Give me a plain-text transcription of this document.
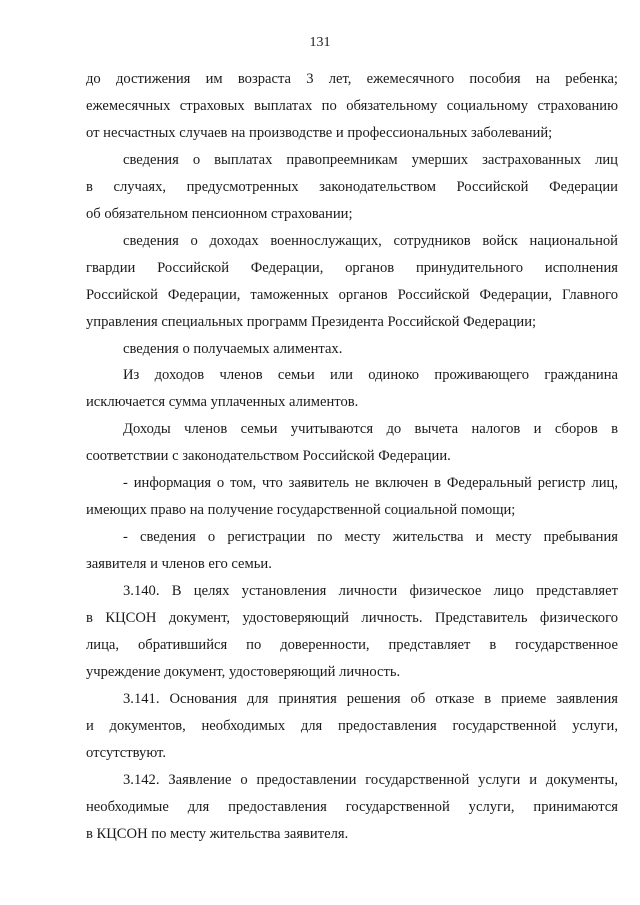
131
до достижения им возраста 3 лет, ежемесячного пособия на ребенка;
ежемесячных страховых выплатах по обязательному социальному страхованию
от несчастных случаев на производстве и профессиональных заболеваний;
сведения о выплатах правопреемникам умерших застрахованных лиц
в случаях, предусмотренных законодательством Российской Федерации
об обязательном пенсионном страховании;
сведения о доходах военнослужащих, сотрудников войск национальной
гвардии Российской Федерации, органов принудительного исполнения
Российской Федерации, таможенных органов Российской Федерации, Главного
управления специальных программ Президента Российской Федерации;
сведения о получаемых алиментах.
Из доходов членов семьи или одиноко проживающего гражданина
исключается сумма уплаченных алиментов.
Доходы членов семьи учитываются до вычета налогов и сборов в
соответствии с законодательством Российской Федерации.
- информация о том, что заявитель не включен в Федеральный регистр лиц,
имеющих право на получение государственной социальной помощи;
- сведения о регистрации по месту жительства и месту пребывания
заявителя и членов его семьи.
3.140. В целях установления личности физическое лицо представляет
в КЦСОН документ, удостоверяющий личность. Представитель физического
лица, обратившийся по доверенности, представляет в государственное
учреждение документ, удостоверяющий личность.
3.141. Основания для принятия решения об отказе в приеме заявления
и документов, необходимых для предоставления государственной услуги,
отсутствуют.
3.142. Заявление о предоставлении государственной услуги и документы,
необходимые для предоставления государственной услуги, принимаются
в КЦСОН по месту жительства заявителя.
